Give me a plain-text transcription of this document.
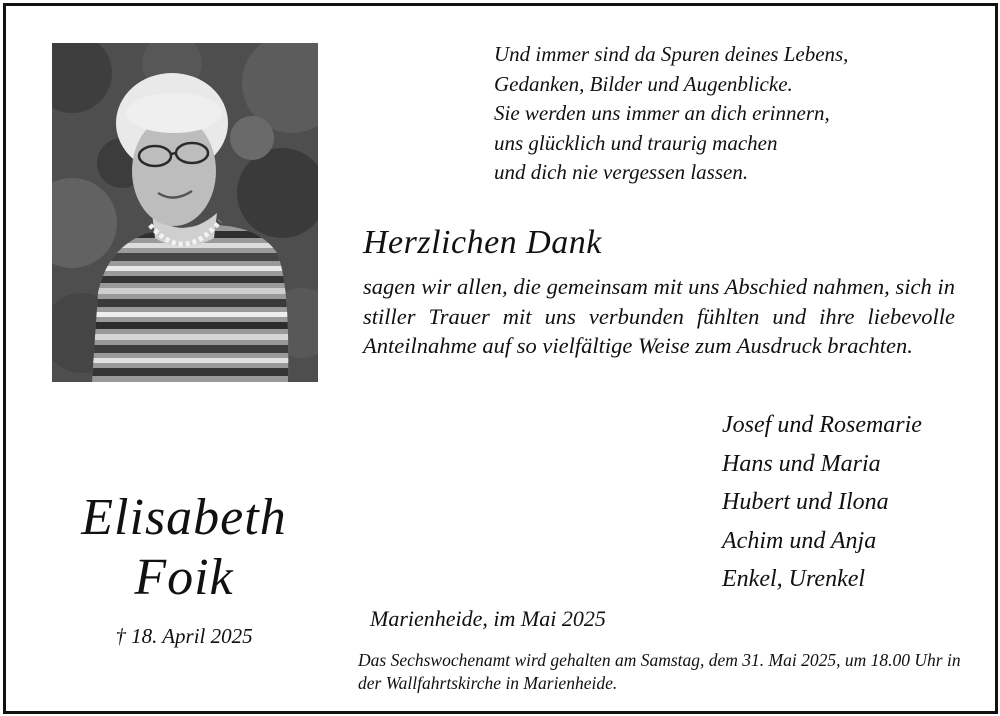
Und immer sind da Spuren deines Lebens,
Gedanken, Bilder und Augenblicke.
Sie werden uns immer an dich erinnern,
uns glücklich und traurig machen
und dich nie vergessen lassen.
Herzlichen Dank
sagen wir allen, die gemeinsam mit uns Abschied nahmen, sich in stiller Trauer mit uns verbunden fühlten und ihre liebevolle Anteilnahme auf so vielfältige Weise zum Ausdruck brachten.
Josef und Rosemarie
Hans und Maria
Hubert und Ilona
Achim und Anja
Enkel, Urenkel
Elisabeth
Foik
† 18. April 2025
Marienheide, im Mai 2025
Das Sechswochenamt wird gehalten am Samstag, dem 31. Mai 2025, um 18.00 Uhr in der Wallfahrtskirche in Marienheide.
